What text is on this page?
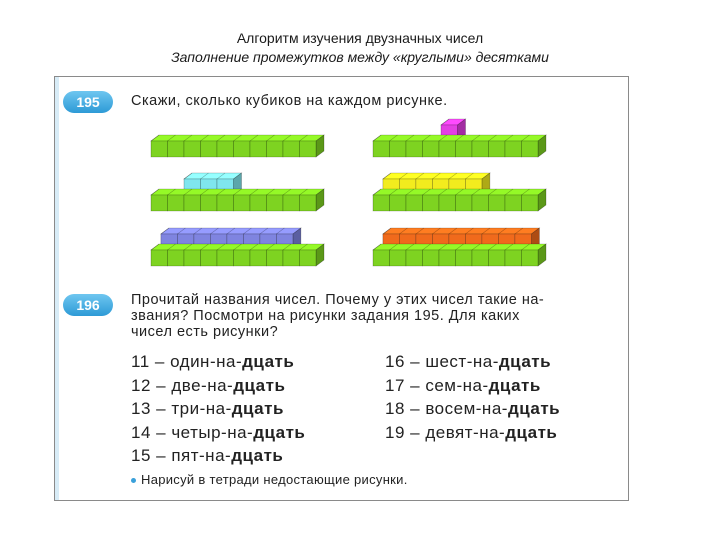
Алгоритм изучения двузначных чисел
Заполнение промежутков между «круглыми» десятками
195	Скажи, сколько кубиков на каждом рисунке.
196	Прочитай названия чисел. Почему у этих чисел такие на-
звания? Посмотри на рисунки задания 195. Для каких
чисел есть рисунки?
11 – один-на-дцать
12 – две-на-дцать
13 – три-на-дцать
14 – четыр-на-дцать
15 – пят-на-дцать
16 – шест-на-дцать
17 – сем-на-дцать
18 – восем-на-дцать
19 – девят-на-дцать
Нарисуй в тетради недостающие рисунки.
